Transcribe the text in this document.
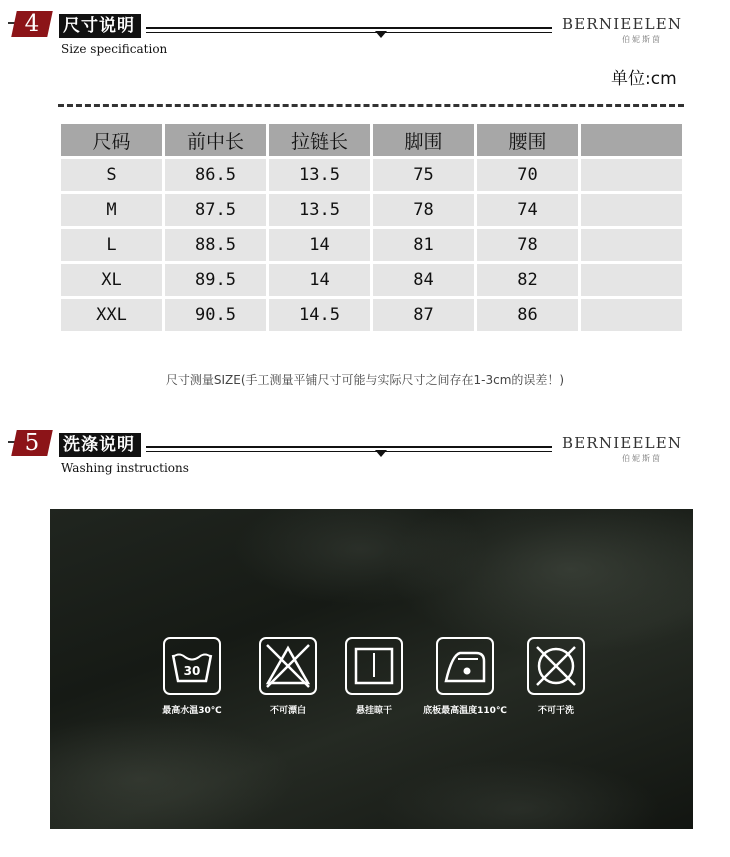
4 尺寸说明
Size specification
BERNIEELEN
伯妮斯茵
单位:cm
尺码	前中长	拉链长	脚围	腰围	
S	86.5	13.5	75	70	
M	87.5	13.5	78	74	
L	88.5	14	81	78	
XL	89.5	14	84	82	
XXL	90.5	14.5	87	86	
尺寸测量SIZE(手工测量平铺尺寸可能与实际尺寸之间存在1-3cm的误差！)
5 洗涤说明
Washing instructions
BERNIEELEN
伯妮斯茵
30
最高水温30℃	不可漂白	悬挂晾干	底板最高温度110℃	不可干洗
